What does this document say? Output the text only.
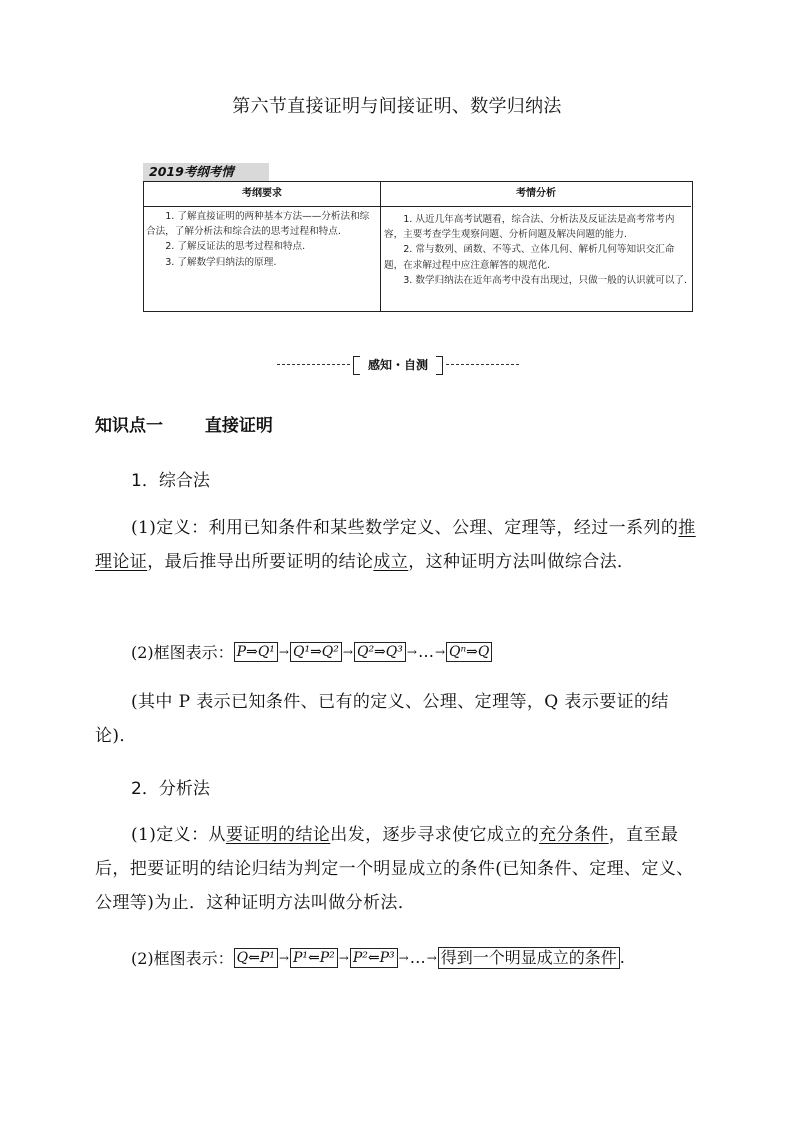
第六节直接证明与间接证明、数学归纳法
2019考纲考情
考纲要求	考情分析

1. 了解直接证明的两种基本方法——分析法和综合法，了解分析法和综合法的思考过程和特点.

2. 了解反证法的思考过程和特点.

3. 了解数学归纳法的原理.

1. 从近几年高考试题看，综合法、分析法及反证法是高考常考内容，主要考查学生观察问题、分析问题及解决问题的能力.

2. 常与数列、函数、不等式、立体几何、解析几何等知识交汇命题，在求解过程中应注意解答的规范化.

3. 数学归纳法在近年高考中没有出现过，只做一般的认识就可以了.

感知・自测
知识点一 直接证明
1．综合法
(1)定义：利用已知条件和某些数学定义、公理、定理等，经过一系列的推理论证，最后推导出所要证明的结论成立，这种证明方法叫做综合法．
(2)框图表示： P⇒Q¹ → Q¹⇒Q² → Q²⇒Q³ → … → Qⁿ⇒Q
(其中 P 表示已知条件、已有的定义、公理、定理等，Q 表示要证的结论)．
2．分析法
(1)定义：从要证明的结论出发，逐步寻求使它成立的充分条件，直至最后，把要证明的结论归结为判定一个明显成立的条件(已知条件、定理、定义、公理等)为止．这种证明方法叫做分析法．
(2)框图表示： Q⇐P¹ → P¹⇐P² → P²⇐P³ → … → 得到一个明显成立的条件 .
